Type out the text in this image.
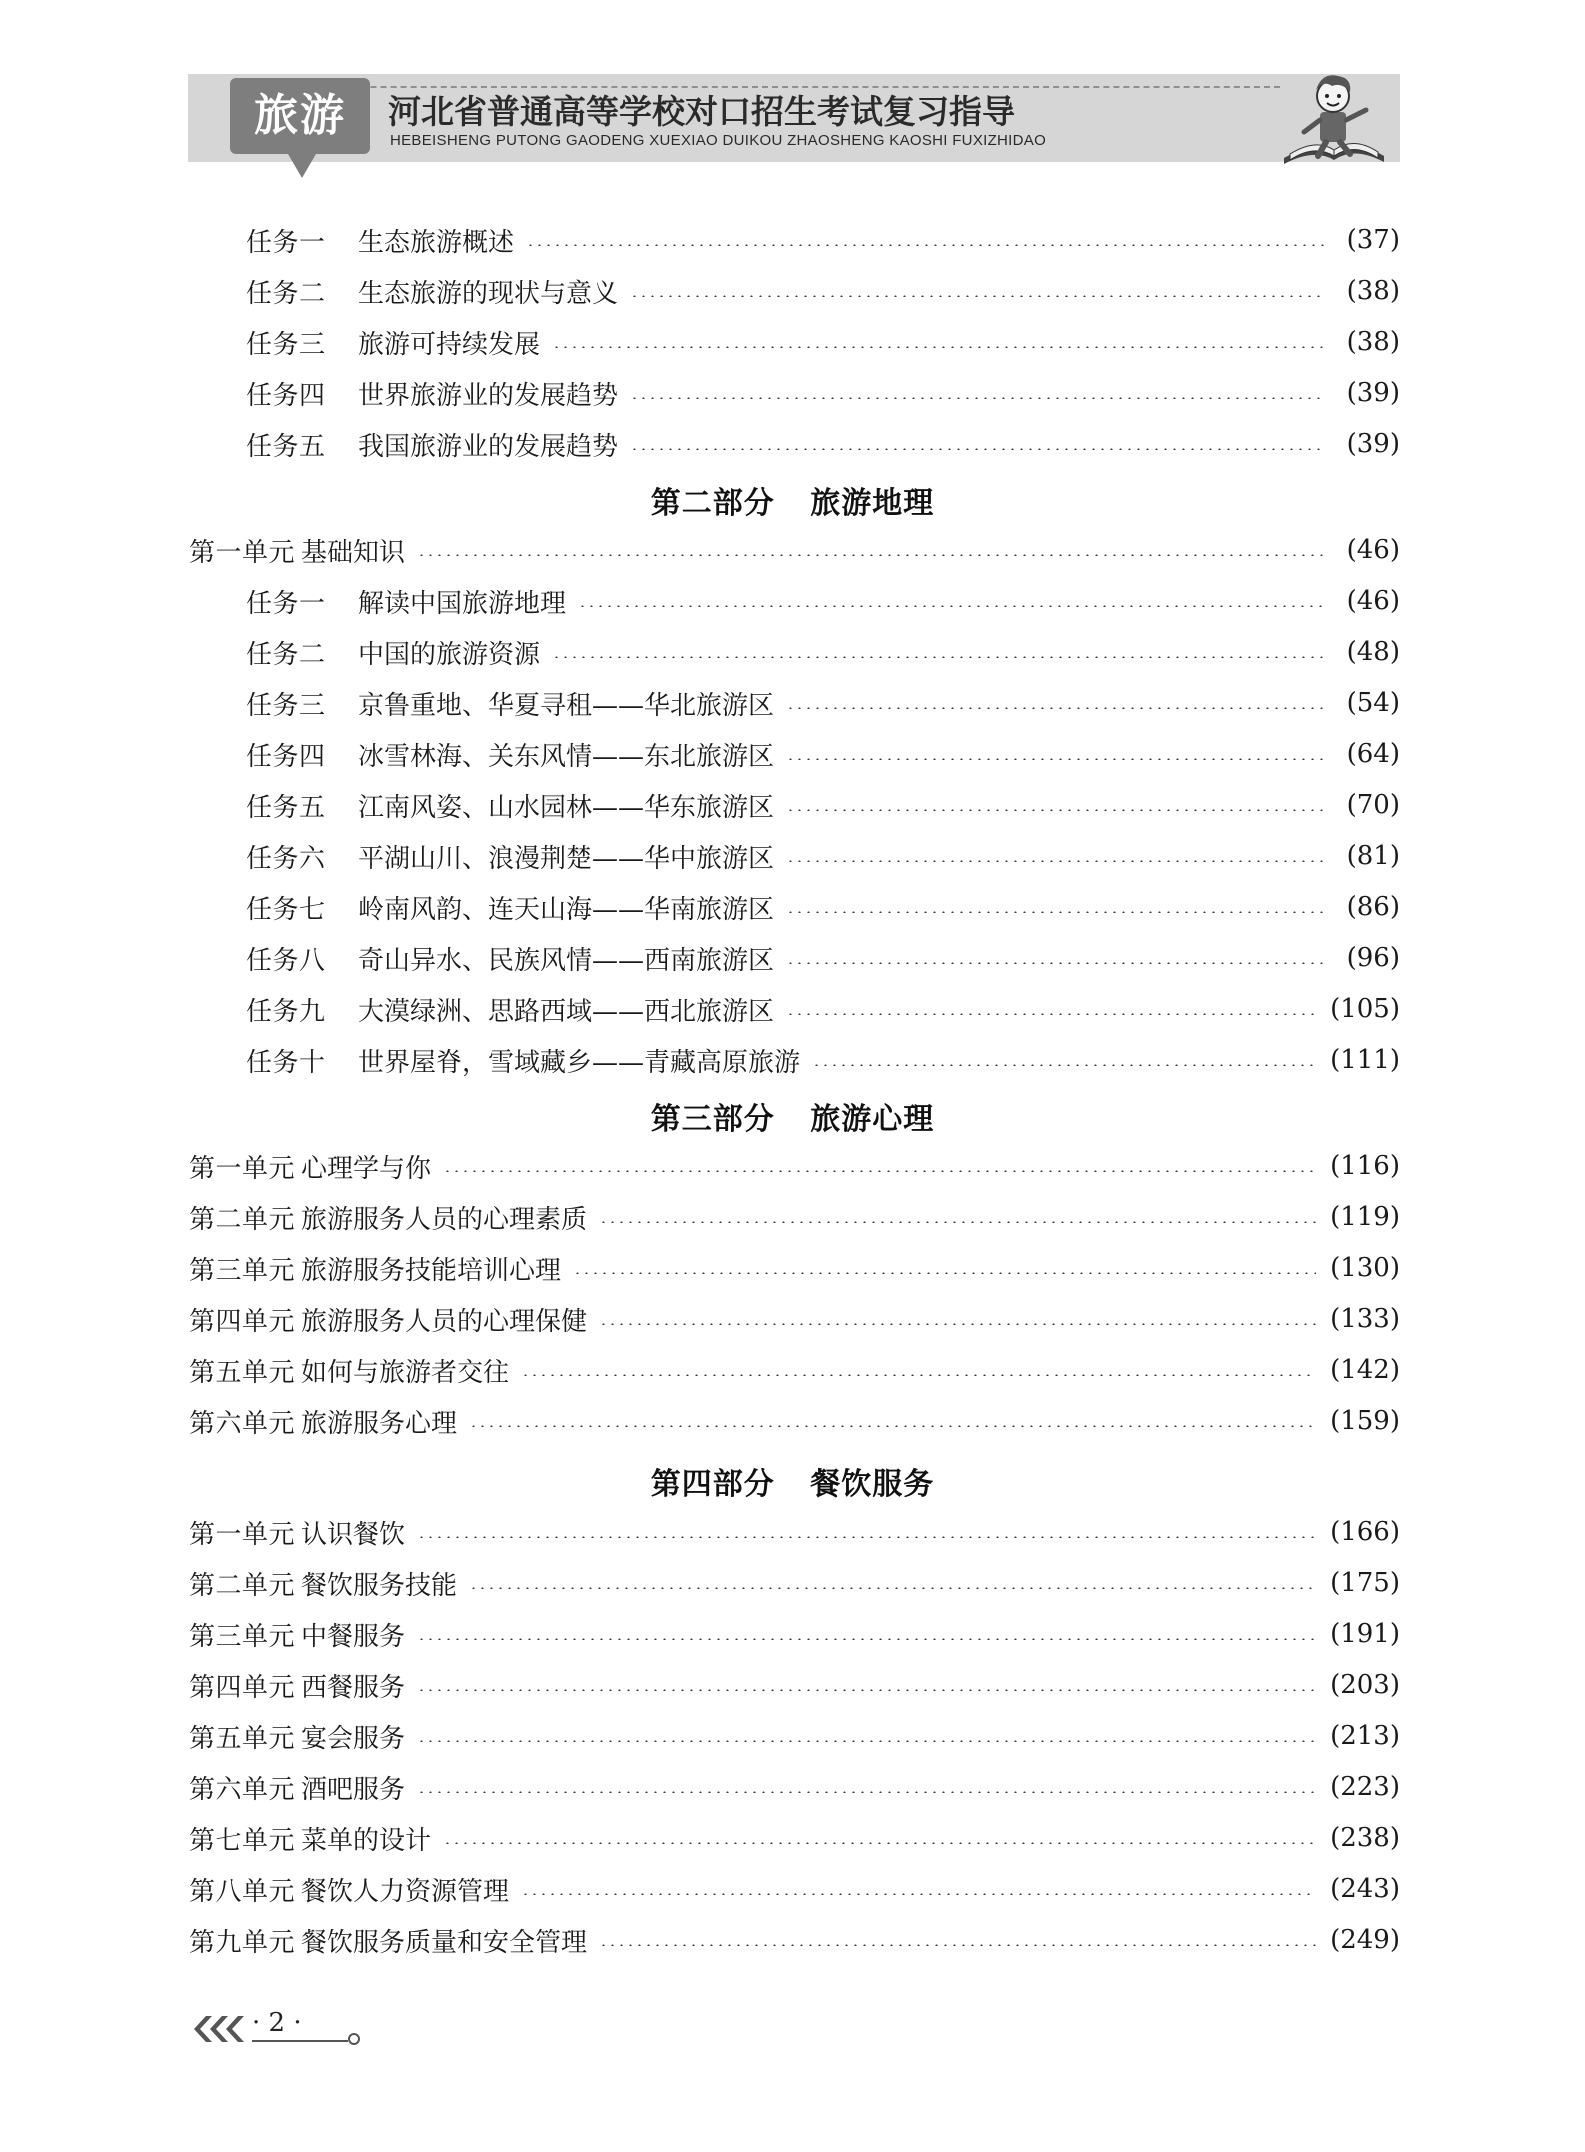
旅游	河北省普通高等学校对口招生考试复习指导
HEBEISHENG PUTONG GAODENG XUEXIAO DUIKOU ZHAOSHENG KAOSHI FUXIZHIDAO
任务一	生态旅游概述	(37)
任务二	生态旅游的现状与意义	(38)
任务三	旅游可持续发展	(38)
任务四	世界旅游业的发展趋势	(39)
任务五	我国旅游业的发展趋势	(39)
第二部分 旅游地理
第一单元 基础知识	(46)
任务一	解读中国旅游地理	(46)
任务二	中国的旅游资源	(48)
任务三	京鲁重地、华夏寻租——华北旅游区	(54)
任务四	冰雪林海、关东风情——东北旅游区	(64)
任务五	江南风姿、山水园林——华东旅游区	(70)
任务六	平湖山川、浪漫荆楚——华中旅游区	(81)
任务七	岭南风韵、连天山海——华南旅游区	(86)
任务八	奇山异水、民族风情——西南旅游区	(96)
任务九	大漠绿洲、思路西域——西北旅游区	(105)
任务十	世界屋脊，雪域藏乡——青藏高原旅游	(111)
第三部分 旅游心理
第一单元 心理学与你	(116)
第二单元 旅游服务人员的心理素质	(119)
第三单元 旅游服务技能培训心理	(130)
第四单元 旅游服务人员的心理保健	(133)
第五单元 如何与旅游者交往	(142)
第六单元 旅游服务心理	(159)
第四部分 餐饮服务
第一单元 认识餐饮	(166)
第二单元 餐饮服务技能	(175)
第三单元 中餐服务	(191)
第四单元 西餐服务	(203)
第五单元 宴会服务	(213)
第六单元 酒吧服务	(223)
第七单元 菜单的设计	(238)
第八单元 餐饮人力资源管理	(243)
第九单元 餐饮服务质量和安全管理	(249)
· 2 ·
